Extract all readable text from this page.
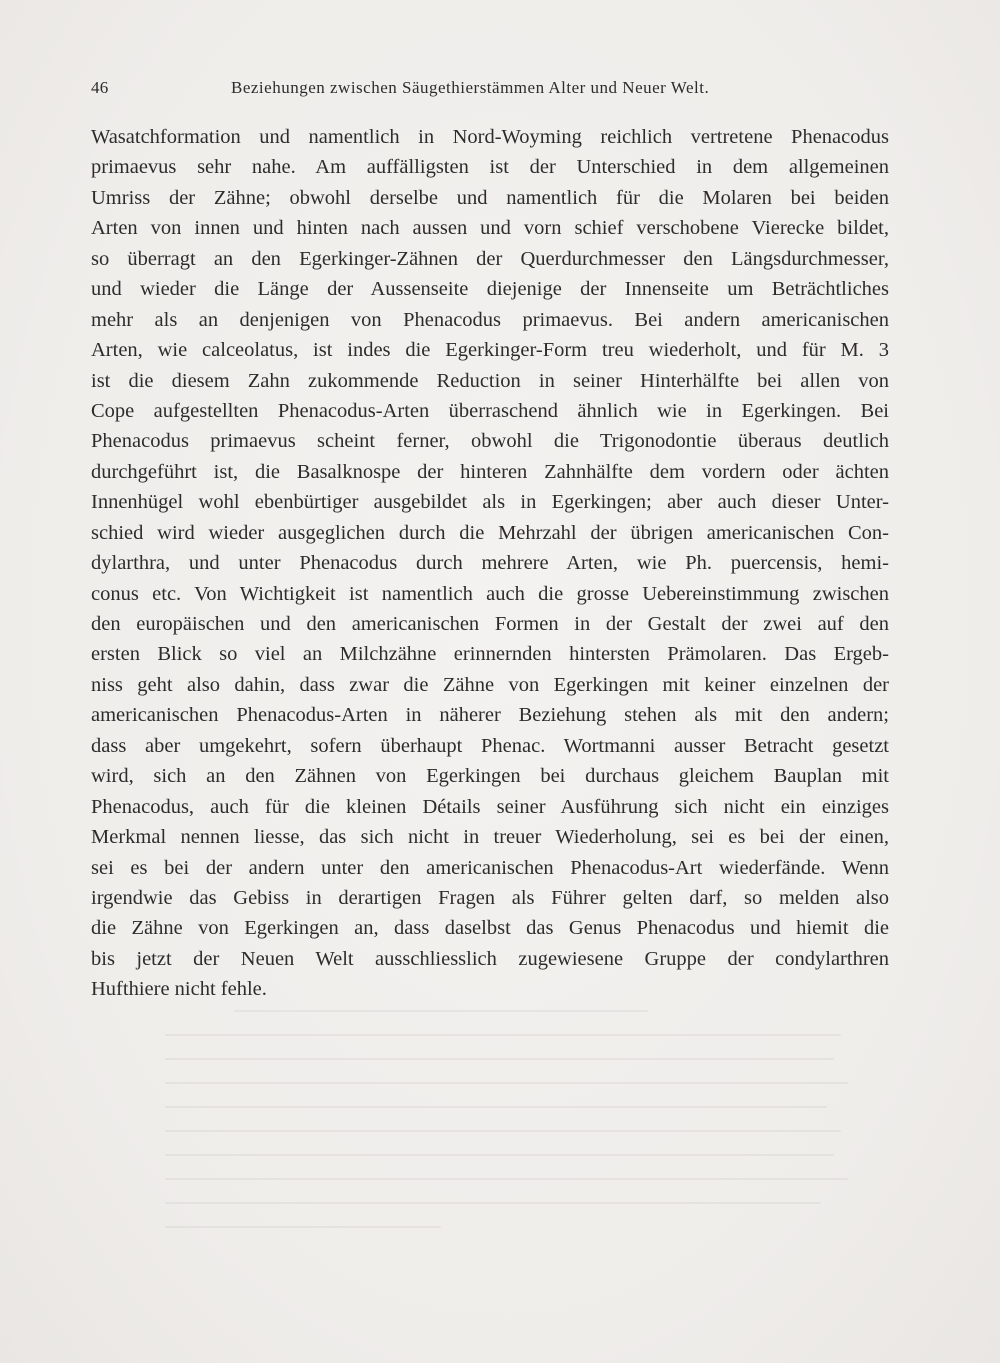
46	Beziehungen zwischen Säugethierstämmen Alter und Neuer Welt.
Wasatchformation und namentlich in Nord-Woyming reichlich vertretene Phenacodus
primaevus sehr nahe. Am auffälligsten ist der Unterschied in dem allgemeinen
Umriss der Zähne; obwohl derselbe und namentlich für die Molaren bei beiden
Arten von innen und hinten nach aussen und vorn schief verschobene Vierecke bildet,
so überragt an den Egerkinger-Zähnen der Querdurchmesser den Längsdurchmesser,
und wieder die Länge der Aussenseite diejenige der Innenseite um Beträchtliches
mehr als an denjenigen von Phenacodus primaevus. Bei andern americanischen
Arten, wie calceolatus, ist indes die Egerkinger-Form treu wiederholt, und für M. 3
ist die diesem Zahn zukommende Reduction in seiner Hinterhälfte bei allen von
Cope aufgestellten Phenacodus-Arten überraschend ähnlich wie in Egerkingen. Bei
Phenacodus primaevus scheint ferner, obwohl die Trigonodontie überaus deutlich
durchgeführt ist, die Basalknospe der hinteren Zahnhälfte dem vordern oder ächten
Innenhügel wohl ebenbürtiger ausgebildet als in Egerkingen; aber auch dieser Unter-
schied wird wieder ausgeglichen durch die Mehrzahl der übrigen americanischen Con-
dylarthra, und unter Phenacodus durch mehrere Arten, wie Ph. puercensis, hemi-
conus etc. Von Wichtigkeit ist namentlich auch die grosse Uebereinstimmung zwischen
den europäischen und den americanischen Formen in der Gestalt der zwei auf den
ersten Blick so viel an Milchzähne erinnernden hintersten Prämolaren. Das Ergeb-
niss geht also dahin, dass zwar die Zähne von Egerkingen mit keiner einzelnen der
americanischen Phenacodus-Arten in näherer Beziehung stehen als mit den andern;
dass aber umgekehrt, sofern überhaupt Phenac. Wortmanni ausser Betracht gesetzt
wird, sich an den Zähnen von Egerkingen bei durchaus gleichem Bauplan mit
Phenacodus, auch für die kleinen Détails seiner Ausführung sich nicht ein einziges
Merkmal nennen liesse, das sich nicht in treuer Wiederholung, sei es bei der einen,
sei es bei der andern unter den americanischen Phenacodus-Art wiederfände. Wenn
irgendwie das Gebiss in derartigen Fragen als Führer gelten darf, so melden also
die Zähne von Egerkingen an, dass daselbst das Genus Phenacodus und hiemit die
bis jetzt der Neuen Welt ausschliesslich zugewiesene Gruppe der condylarthren
Hufthiere nicht fehle.
